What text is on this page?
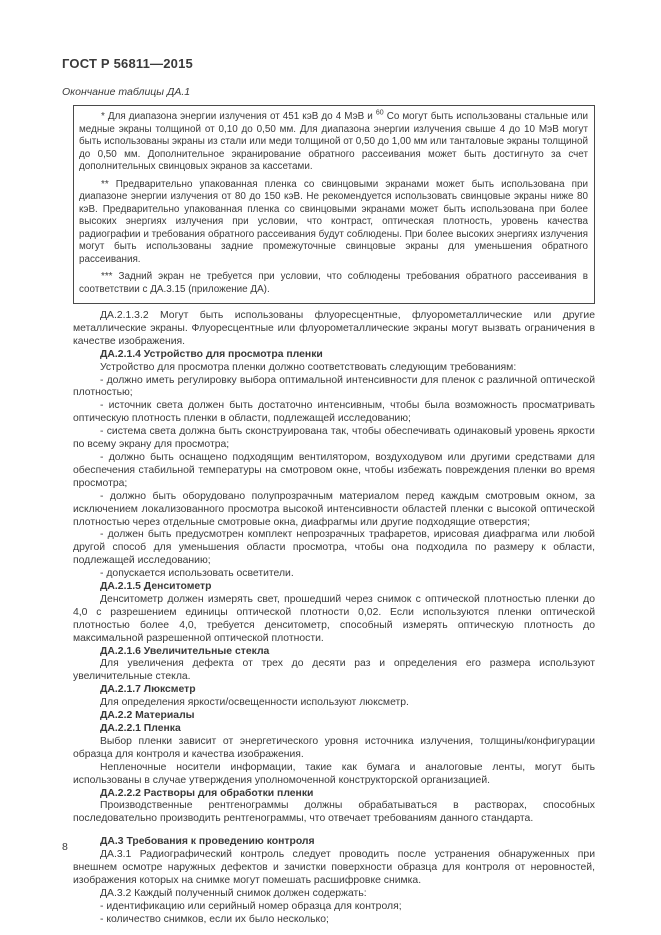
ГОСТ Р 56811—2015
Окончание таблицы ДА.1

* Для диапазона энергии излучения от 451 кэВ до 4 МэВ и $^{60}$ Co могут быть использованы стальные или медные экраны толщиной от 0,10 до 0,50 мм. Для диапазона энергии излучения свыше 4 до 10 МэВ могут быть использованы экраны из стали или меди толщиной от 0,50 до 1,00 мм или танталовые экраны толщиной до 0,50 мм. Дополнительное экранирование обратного рассеивания может быть достигнуто за счет дополнительных свинцовых экранов за кассетами.

** Предварительно упакованная пленка со свинцовыми экранами может быть использована при диапазоне энергии излучения от 80 до 150 кэВ. Не рекомендуется использовать свинцовые экраны ниже 80 кэВ. Предварительно упакованная пленка со свинцовыми экранами может быть использована при более высоких энергиях излучения при условии, что контраст, оптическая плотность, уровень качества радиографии и требования обратного рассеивания будут соблюдены. При более высоких энергиях излучения могут быть использованы задние промежуточные свинцовые экраны для уменьшения обратного рассеивания.

*** Задний экран не требуется при условии, что соблюдены требования обратного рассеивания в соответствии с ДА.3.15 (приложение ДА).

ДА.2.1.3.2 Могут быть использованы флуоресцентные, флуорометаллические или другие металлические экраны. Флуоресцентные или флуорометаллические экраны могут вызвать ограничения в качестве изображения.

ДА.2.1.4 Устройство для просмотра пленки

Устройство для просмотра пленки должно соответствовать следующим требованиям:

- должно иметь регулировку выбора оптимальной интенсивности для пленок с различной оптической плотностью;

- источник света должен быть достаточно интенсивным, чтобы была возможность просматривать оптическую плотность пленки в области, подлежащей исследованию;

- система света должна быть сконструирована так, чтобы обеспечивать одинаковый уровень яркости по всему экрану для просмотра;

- должно быть оснащено подходящим вентилятором, воздуходувом или другими средствами для обеспечения стабильной температуры на смотровом окне, чтобы избежать повреждения пленки во время просмотра;

- должно быть оборудовано полупрозрачным материалом перед каждым смотровым окном, за исключением локализованного просмотра высокой интенсивности областей пленки с высокой оптической плотностью через отдельные смотровые окна, диафрагмы или другие подходящие отверстия;

- должен быть предусмотрен комплект непрозрачных трафаретов, ирисовая диафрагма или любой другой способ для уменьшения области просмотра, чтобы она подходила по размеру к области, подлежащей исследованию;

- допускается использовать осветители.

ДА.2.1.5 Денситометр

Денситометр должен измерять свет, прошедший через снимок с оптической плотностью пленки до 4,0 с разрешением единицы оптической плотности 0,02. Если используются пленки оптической плотностью более 4,0, требуется денситометр, способный измерять оптическую плотность до максимальной разрешенной оптической плотности.

ДА.2.1.6 Увеличительные стекла

Для увеличения дефекта от трех до десяти раз и определения его размера используют увеличительные стекла.

ДА.2.1.7 Люксметр

Для определения яркости/освещенности используют люксметр.

ДА.2.2 Материалы

ДА.2.2.1 Пленка

Выбор пленки зависит от энергетического уровня источника излучения, толщины/конфигурации образца для контроля и качества изображения.

Непленочные носители информации, такие как бумага и аналоговые ленты, могут быть использованы в случае утверждения уполномоченной конструкторской организацией.

ДА.2.2.2 Растворы для обработки пленки

Производственные рентгенограммы должны обрабатываться в растворах, способных последовательно производить рентгенограммы, что отвечает требованиям данного стандарта.

ДА.3 Требования к проведению контроля

ДА.3.1 Радиографический контроль следует проводить после устранения обнаруженных при внешнем осмотре наружных дефектов и зачистки поверхности образца для контроля от неровностей, изображения которых на снимке могут помешать расшифровке снимка.

ДА.3.2 Каждый полученный снимок должен содержать:

- идентификацию или серийный номер образца для контроля;

- количество снимков, если их было несколько;

8
